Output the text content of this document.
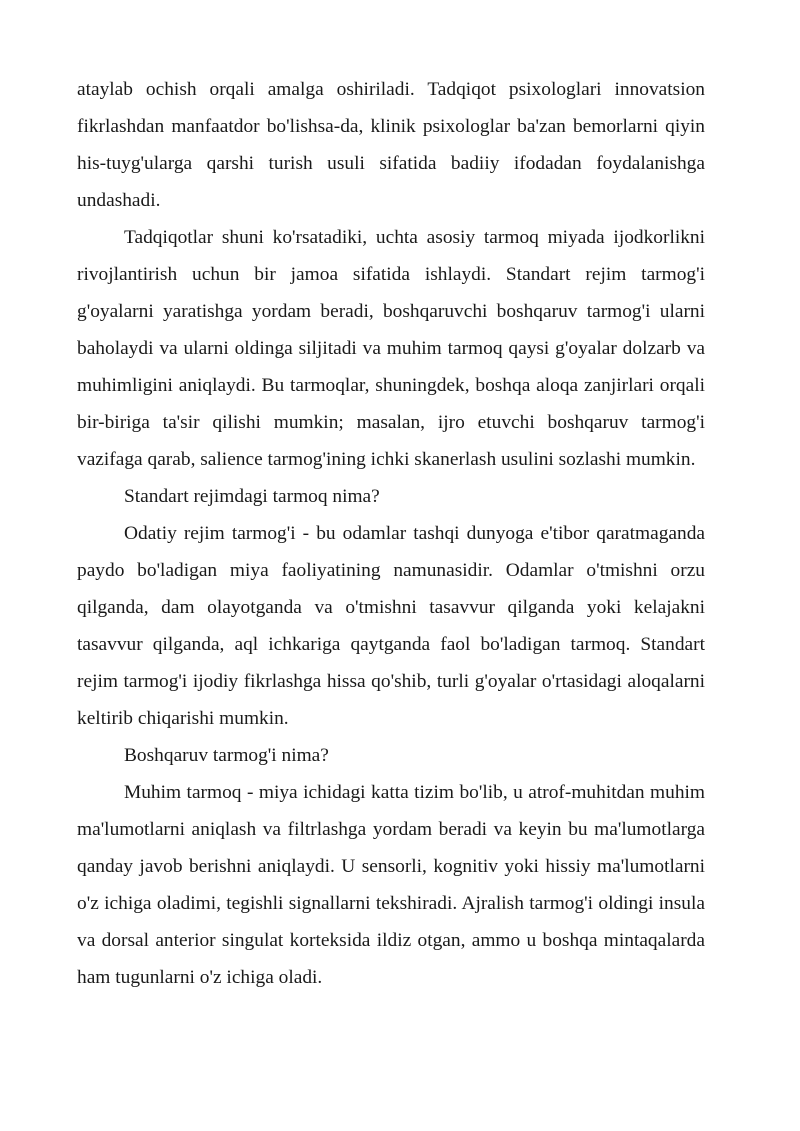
ataylab ochish orqali amalga oshiriladi. Tadqiqot psixologlari innovatsion fikrlashdan manfaatdor bo'lishsa-da, klinik psixologlar ba'zan bemorlarni qiyin his-tuyg'ularga qarshi turish usuli sifatida badiiy ifodadan foydalanishga undashadi.

Tadqiqotlar shuni ko'rsatadiki, uchta asosiy tarmoq miyada ijodkorlikni rivojlantirish uchun bir jamoa sifatida ishlaydi. Standart rejim tarmog'i g'oyalarni yaratishga yordam beradi, boshqaruvchi boshqaruv tarmog'i ularni baholaydi va ularni oldinga siljitadi va muhim tarmoq qaysi g'oyalar dolzarb va muhimligini aniqlaydi. Bu tarmoqlar, shuningdek, boshqa aloqa zanjirlari orqali bir-biriga ta'sir qilishi mumkin; masalan, ijro etuvchi boshqaruv tarmog'i vazifaga qarab, salience tarmog'ining ichki skanerlash usulini sozlashi mumkin.

Standart rejimdagi tarmoq nima?

Odatiy rejim tarmog'i - bu odamlar tashqi dunyoga e'tibor qaratmaganda paydo bo'ladigan miya faoliyatining namunasidir. Odamlar o'tmishni orzu qilganda, dam olayotganda va o'tmishni tasavvur qilganda yoki kelajakni tasavvur qilganda, aql ichkariga qaytganda faol bo'ladigan tarmoq. Standart rejim tarmog'i ijodiy fikrlashga hissa qo'shib, turli g'oyalar o'rtasidagi aloqalarni keltirib chiqarishi mumkin.

Boshqaruv tarmog'i nima?

Muhim tarmoq - miya ichidagi katta tizim bo'lib, u atrof-muhitdan muhim ma'lumotlarni aniqlash va filtrlashga yordam beradi va keyin bu ma'lumotlarga qanday javob berishni aniqlaydi. U sensorli, kognitiv yoki hissiy ma'lumotlarni o'z ichiga oladimi, tegishli signallarni tekshiradi. Ajralish tarmog'i oldingi insula va dorsal anterior singulat korteksida ildiz otgan, ammo u boshqa mintaqalarda ham tugunlarni o'z ichiga oladi.
